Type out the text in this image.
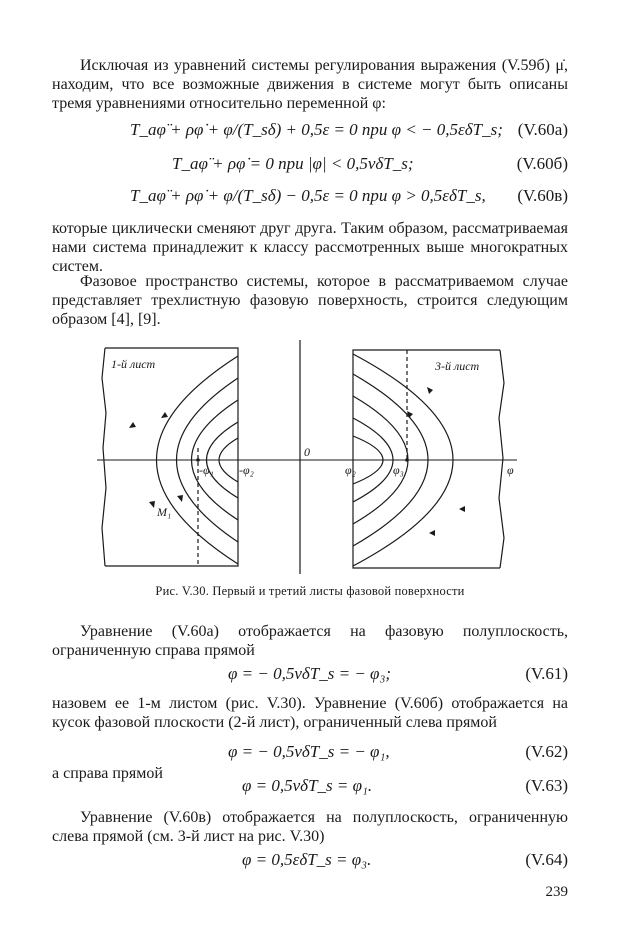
Исключая из уравнений системы регулирования выражения (V.59б) μ̇, находим, что все возможные движения в системе могут быть описаны тремя уравнениями относительно переменной φ:

T_aφ̈ + ρφ̇ + φ/(T_sδ) + 0,5ε = 0 при φ < − 0,5εδT_s; (V.60а)
T_aφ̈ + ρφ̇ = 0 при |φ| < 0,5νδT_s;	(V.60б)
T_aφ̈ + ρφ̇ + φ/(T_sδ) − 0,5ε = 0 при φ > 0,5εδT_s, (V.60в)

которые циклически сменяют друг друга. Таким образом, рассматриваемая нами система принадлежит к классу рассмотренных выше многократных систем.

Фазовое пространство системы, которое в рассматриваемом случае представляет трехлистную фазовую поверхность, строится следующим образом [4], [9].

1-й лист	3-й лист
0
M₁
-φ₁ -φ₂	φ₂	φ₃	φ
Рис. V.30. Первый и третий листы фазовой поверхности

Уравнение (V.60а) отображается на фазовую полуплоскость, ограниченную справа прямой

φ = − 0,5νδT_s = − φ₃;	(V.61)

назовем ее 1-м листом (рис. V.30). Уравнение (V.60б) отображается на кусок фазовой плоскости (2-й лист), ограниченный слева прямой

φ = − 0,5νδT_s = − φ₁,	(V.62)

а справа прямой

φ = 0,5νδT_s = φ₁.	(V.63)

Уравнение (V.60в) отображается на полуплоскость, ограниченную слева прямой (см. 3-й лист на рис. V.30)

φ = 0,5εδT_s = φ₃.	(V.64)
239
